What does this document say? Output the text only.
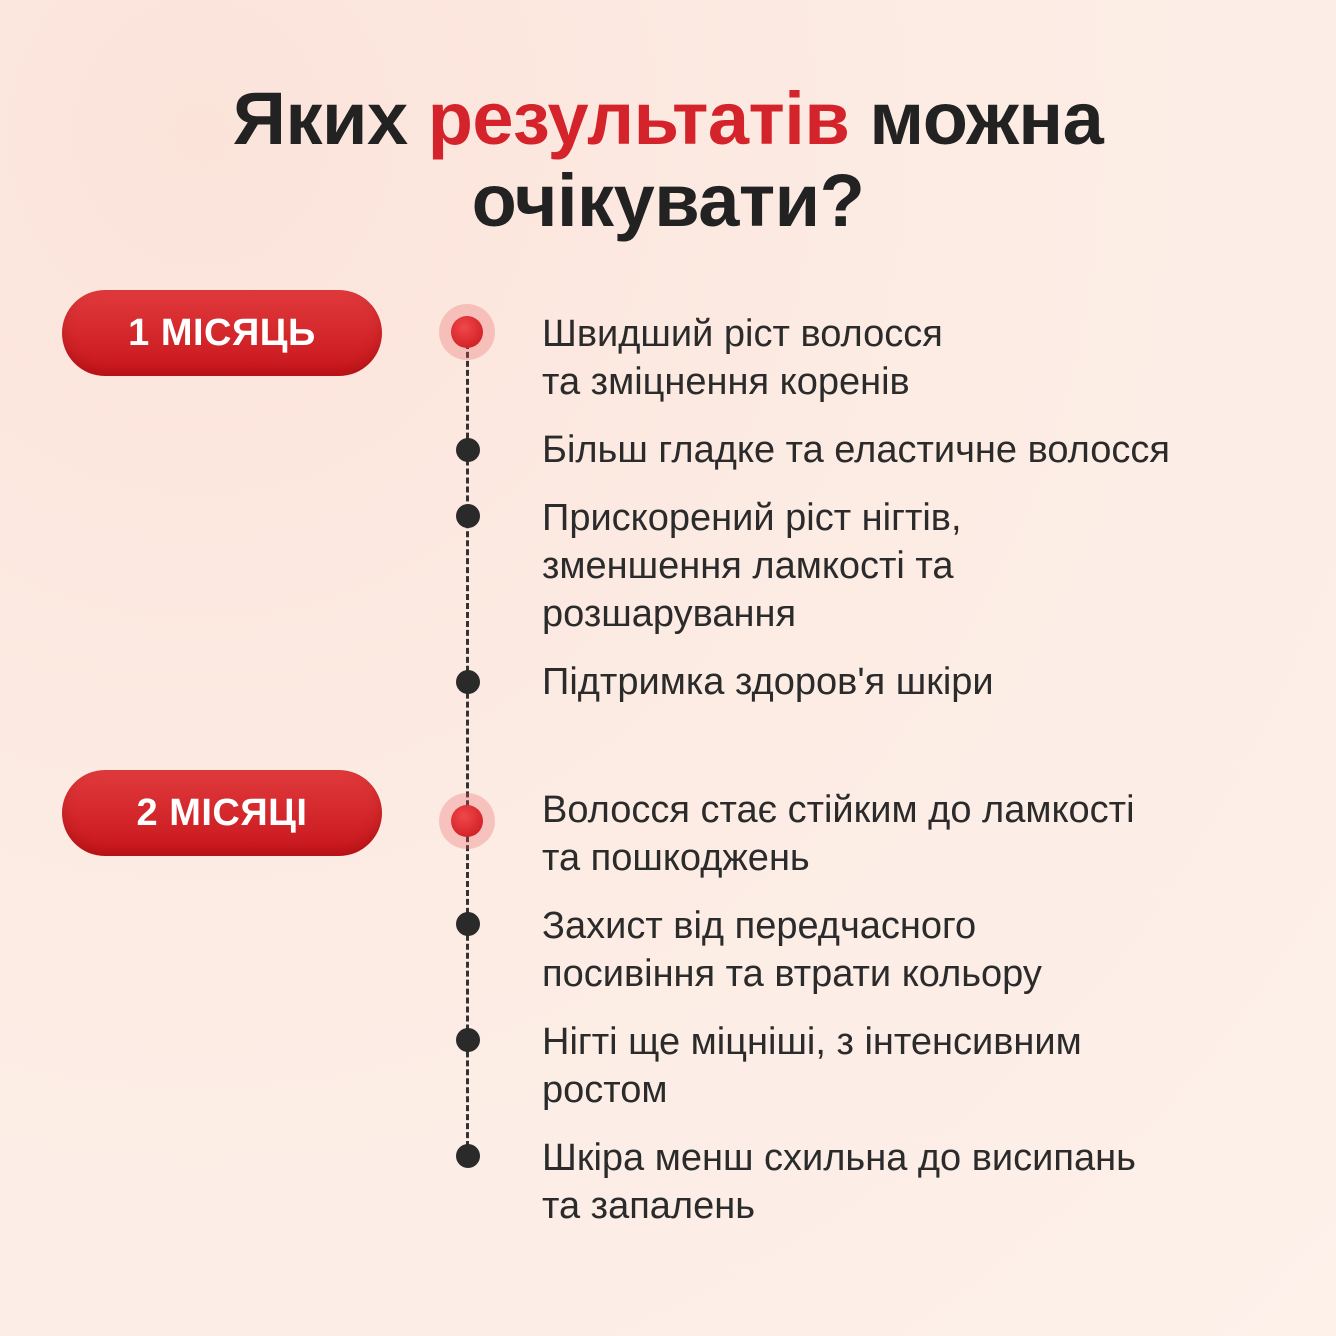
Яких результатів можна
очікувати?
1 МІСЯЦЬ	Швидший ріст волосся
та зміцнення коренів
Більш гладке та еластичне волосся
Прискорений ріст нігтів,
зменшення ламкості та
розшарування
Підтримка здоров'я шкіри
2 МІСЯЦІ	Волосся стає стійким до ламкості
та пошкоджень
Захист від передчасного
посивіння та втрати кольору
Нігті ще міцніші, з інтенсивним
ростом
Шкіра менш схильна до висипань
та запалень
